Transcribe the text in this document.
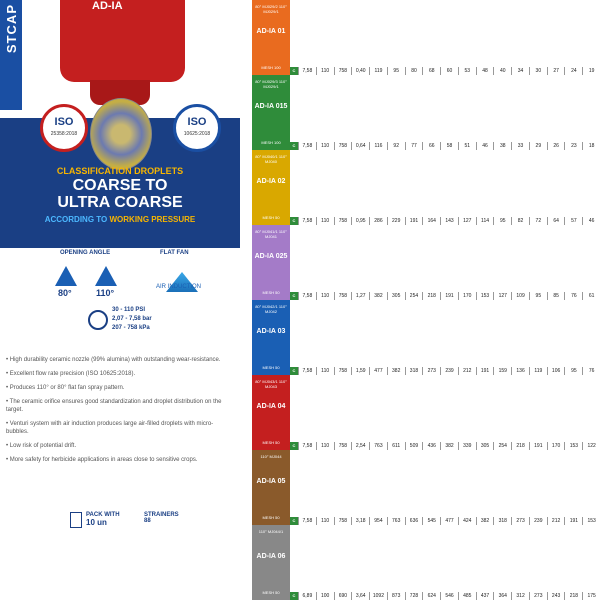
STCAP	AD-IA
ISO
25358:2018
ISO
10625:2018
CLASSIFICATION DROPLETS
COARSE TO
ULTRA COARSE
ACCORDING TO WORKING PRESSURE
OPENING ANGLE	FLAT FAN
80°	110°
AIR INDUCTION
30 - 110 PSI
2,07 - 7,58 bar
207 - 758 kPa

• High durability ceramic nozzle (99% alumina) with outstanding wear-resistance.

• Excellent flow rate precision (ISO 10625:2018).

• Produces 110° or 80° flat fan spray pattern.

• The ceramic orifice ensures good standardization and droplet distribution on the target.

• Venturi system with air induction produces large air-filled droplets with micro-bubbles.

• Low risk of potential drift.

• More safety for herbicide applications in areas close to sensitive crops.

PACK WITH
10 un
STRAINERS
88
80° MJ029/2 110° MJ029/1
AD-IA 01
MESH 100
C	7,58	110	758	0,40	119	95	80	68	60	53	48	40	34	30	27	24	19
80° MJ029/3 110° MJ029/1
AD-IA 015
MESH 100
C	7,58	110	758	0,64	116	92	77	66	58	51	46	38	33	29	26	23	18
80° MJ040/1 110° MJ040
AD-IA 02
MESH 50
C	7,58	110	758	0,95	286	229	191	164	143	127	114	95	82	72	64	57	46
80° MJ041/1 110° MJ041
AD-IA 025
MESH 50
C	7,58	110	758	1,27	382	305	254	218	191	170	153	127	109	95	85	76	61
80° MJ042/1 110° MJ042
AD-IA 03
MESH 50
C	7,58	110	758	1,59	477	382	318	273	239	212	191	159	136	119	106	95	76
80° MJ043/1 110° MJ043
AD-IA 04
MESH 50
C	7,58	110	758	2,54	763	611	509	436	382	339	305	254	218	191	170	153	122
110° MJ044
AD-IA 05
MESH 50
C	7,58	110	758	3,18	954	763	636	545	477	424	382	318	273	239	212	191	153
110° MJ044/1
AD-IA 06
MESH 50
C	6,89	100	690	3,64	1092	873	728	624	546	485	437	364	312	273	243	218	175
